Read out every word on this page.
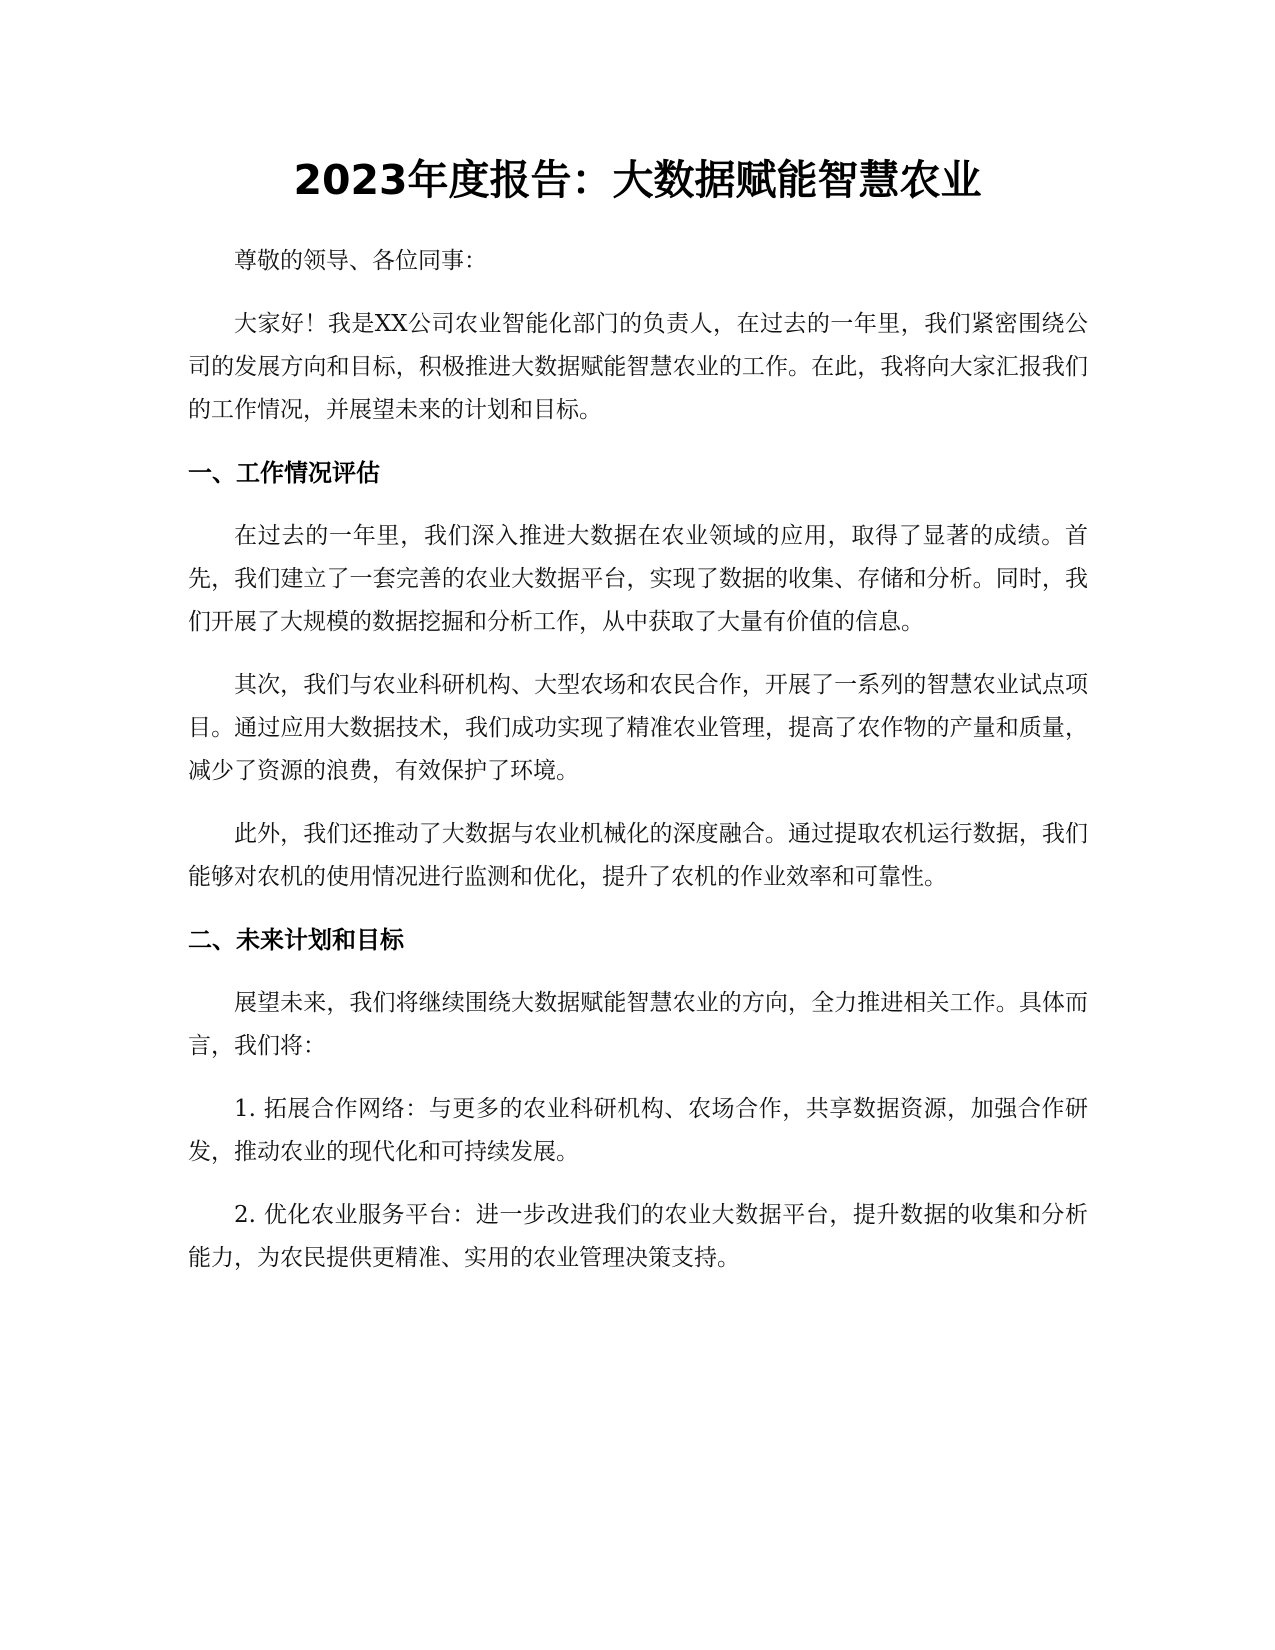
2023年度报告：大数据赋能智慧农业

尊敬的领导、各位同事：

大家好！我是XX公司农业智能化部门的负责人，在过去的一年里，我们紧密围绕公司的发展方向和目标，积极推进大数据赋能智慧农业的工作。在此，我将向大家汇报我们的工作情况，并展望未来的计划和目标。

一、工作情况评估

在过去的一年里，我们深入推进大数据在农业领域的应用，取得了显著的成绩。首先，我们建立了一套完善的农业大数据平台，实现了数据的收集、存储和分析。同时，我们开展了大规模的数据挖掘和分析工作，从中获取了大量有价值的信息。

其次，我们与农业科研机构、大型农场和农民合作，开展了一系列的智慧农业试点项目。通过应用大数据技术，我们成功实现了精准农业管理，提高了农作物的产量和质量，减少了资源的浪费，有效保护了环境。

此外，我们还推动了大数据与农业机械化的深度融合。通过提取农机运行数据，我们能够对农机的使用情况进行监测和优化，提升了农机的作业效率和可靠性。

二、未来计划和目标

展望未来，我们将继续围绕大数据赋能智慧农业的方向，全力推进相关工作。具体而言，我们将：

1. 拓展合作网络：与更多的农业科研机构、农场合作，共享数据资源，加强合作研发，推动农业的现代化和可持续发展。

2. 优化农业服务平台：进一步改进我们的农业大数据平台，提升数据的收集和分析能力，为农民提供更精准、实用的农业管理决策支持。
